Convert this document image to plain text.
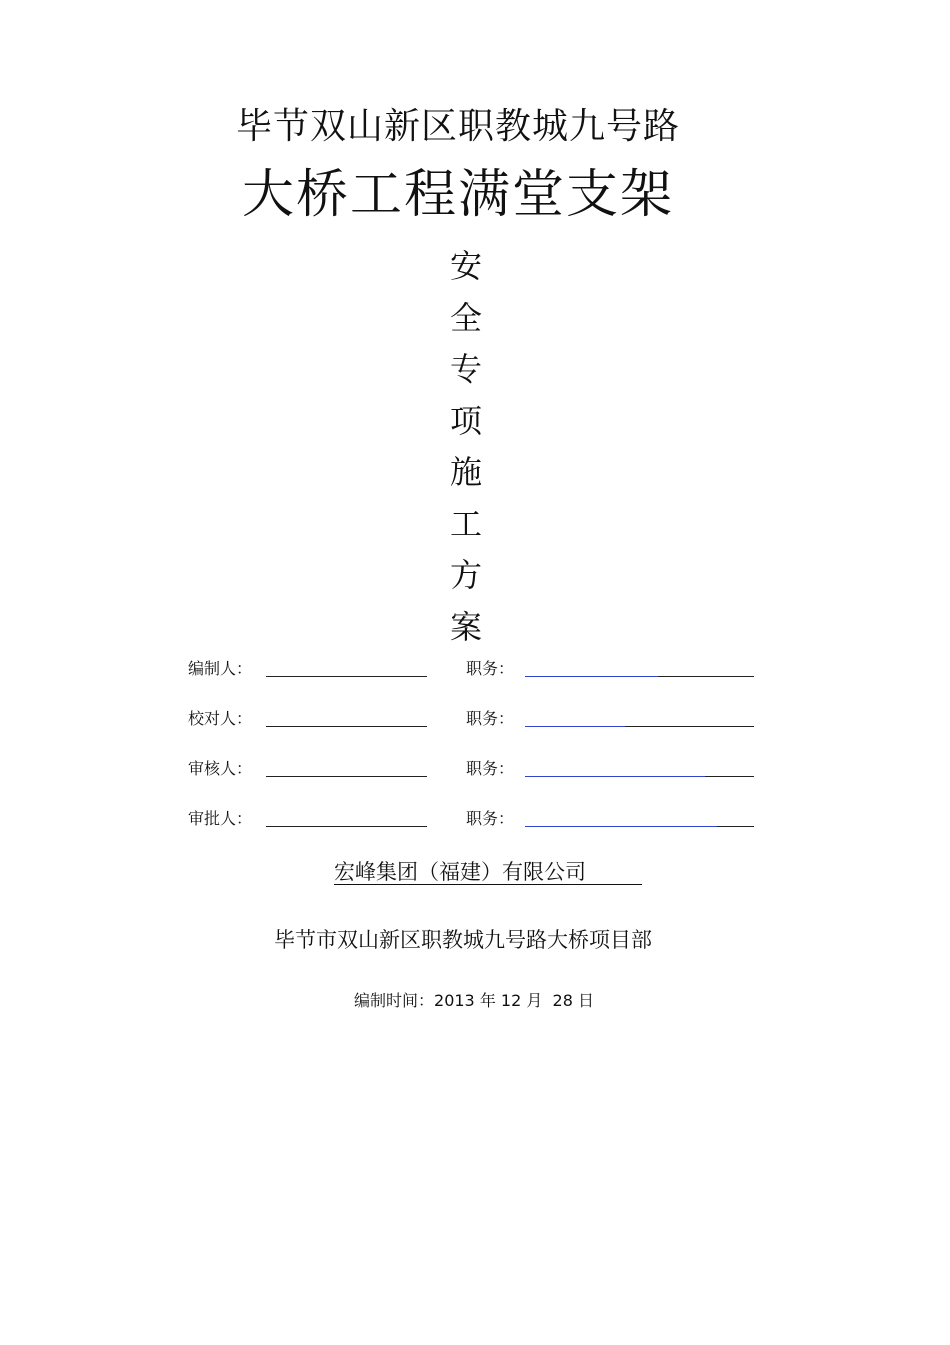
毕节双山新区职教城九号路
大桥工程满堂支架
安
全
专
项
施
工
方
案
编制人：	职务：
校对人：	职务：
审核人：	职务：
审批人：	职务：
宏峰集团（福建）有限公司
毕节市双山新区职教城九号路大桥项目部
编制时间：2013 年 12 月  28 日
